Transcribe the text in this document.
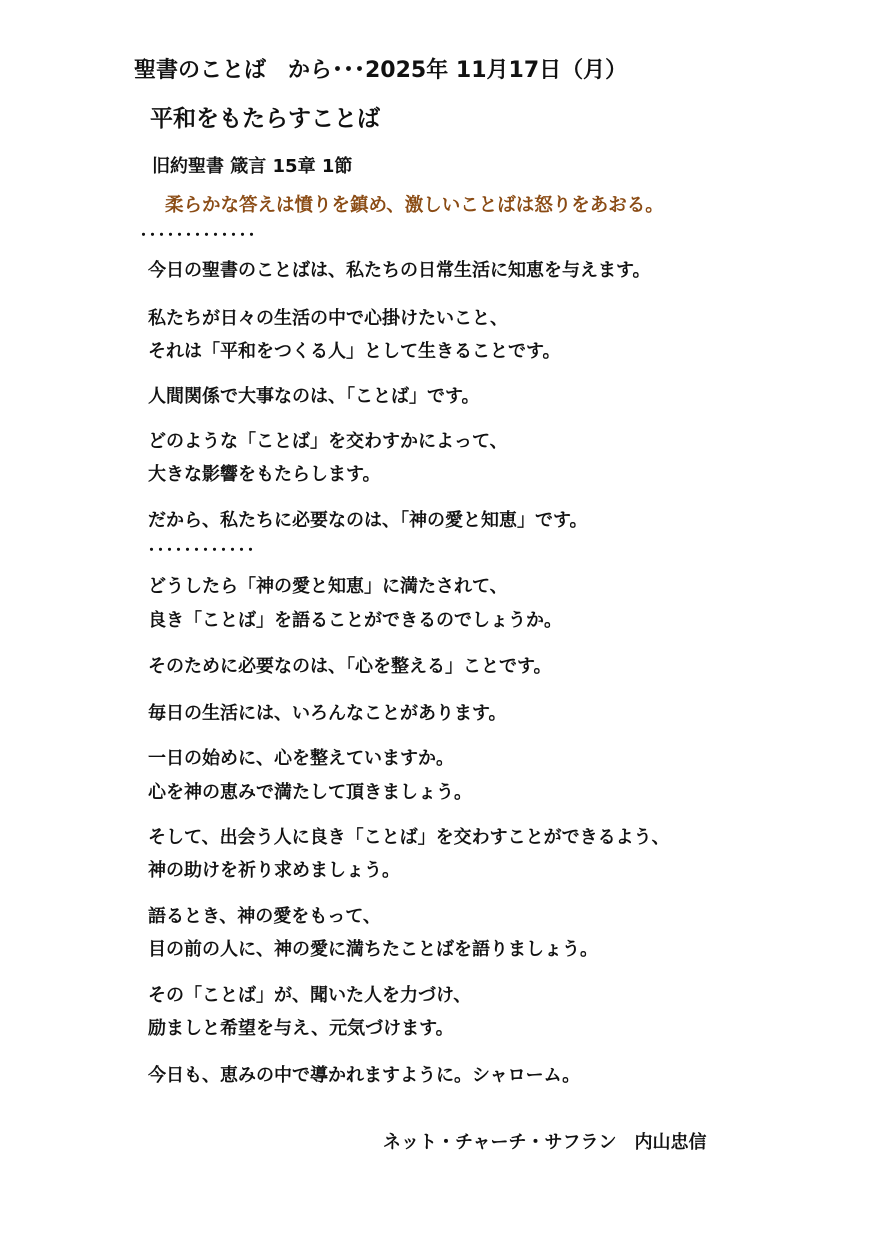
聖書のことば　から･･･2025年 11月17日（月）
平和をもたらすことば
旧約聖書 箴言 15章 1節
柔らかな答えは憤りを鎮め、激しいことばは怒りをあおる。
･････････････
今日の聖書のことばは、私たちの日常生活に知恵を与えます。
私たちが日々の生活の中で心掛けたいこと、
それは「平和をつくる人」として生きることです。
人間関係で大事なのは、「ことば」です。
どのような「ことば」を交わすかによって、
大きな影響をもたらします。
だから、私たちに必要なのは、「神の愛と知恵」です。
････････････
どうしたら「神の愛と知恵」に満たされて、
良き「ことば」を語ることができるのでしょうか。
そのために必要なのは、「心を整える」ことです。
毎日の生活には、いろんなことがあります。
一日の始めに、心を整えていますか。
心を神の恵みで満たして頂きましょう。
そして、出会う人に良き「ことば」を交わすことができるよう、
神の助けを祈り求めましょう。
語るとき、神の愛をもって、
目の前の人に、神の愛に満ちたことばを語りましょう。
その「ことば」が、聞いた人を力づけ、
励ましと希望を与え、元気づけます。
今日も、恵みの中で導かれますように。シャローム。
ネット・チャーチ・サフラン　内山忠信
